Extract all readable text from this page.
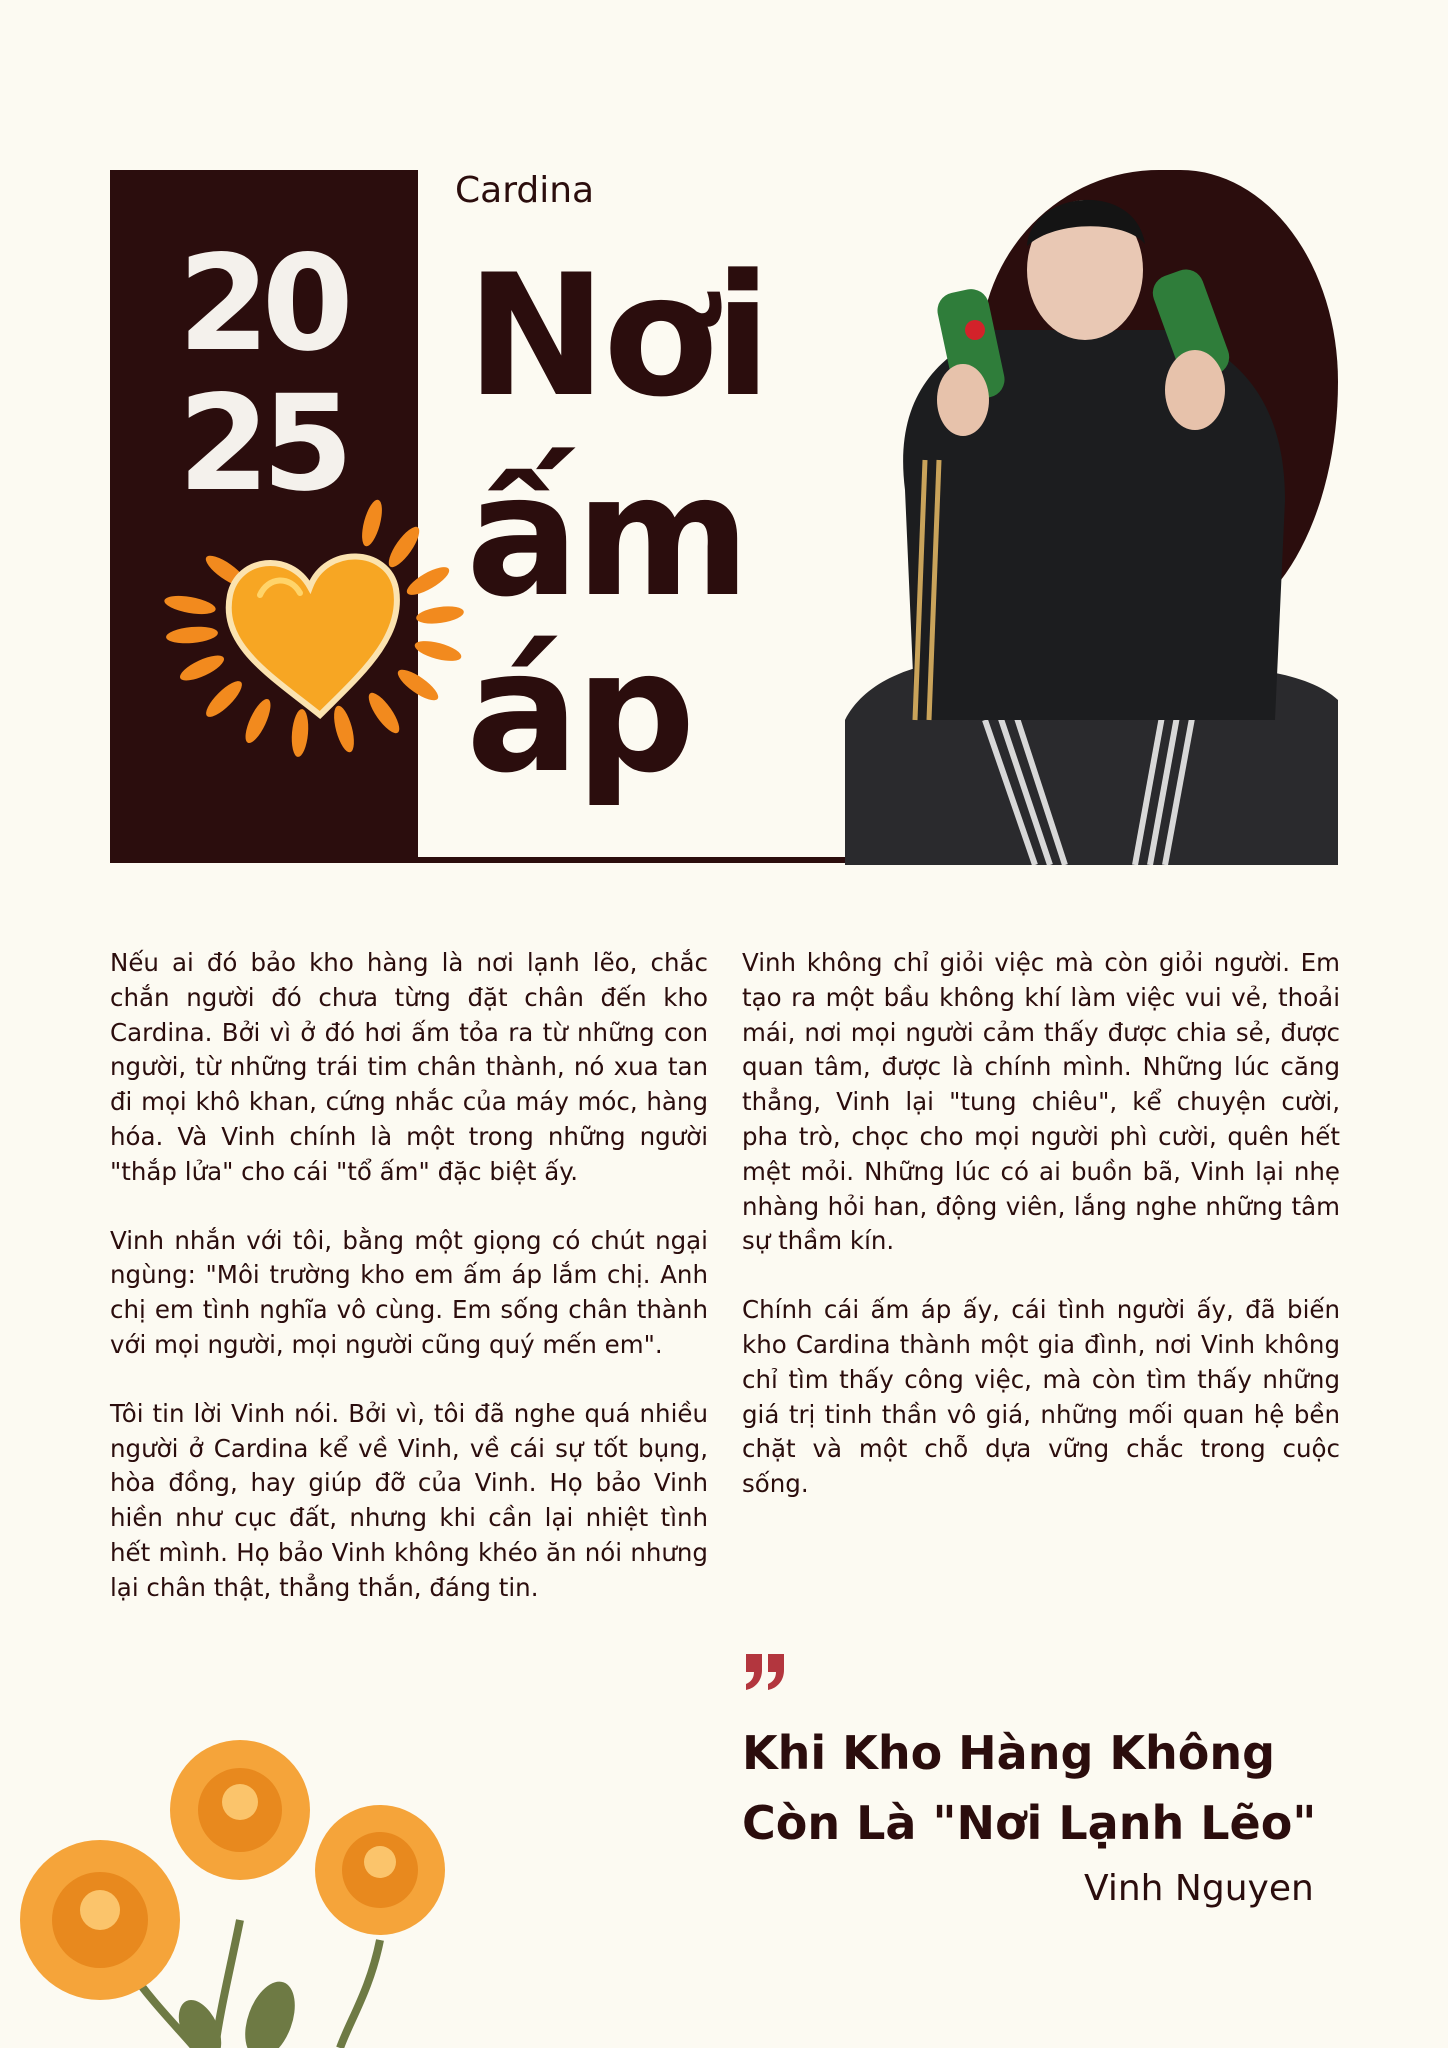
20
25
Cardina
Nơi
ấm
áp

Nếu ai đó bảo kho hàng là nơi lạnh lẽo, chắc chắn người đó chưa từng đặt chân đến kho Cardina. Bởi vì ở đó hơi ấm tỏa ra từ những con người, từ những trái tim chân thành, nó xua tan đi mọi khô khan, cứng nhắc của máy móc, hàng hóa. Và Vinh chính là một trong những người "thắp lửa" cho cái "tổ ấm" đặc biệt ấy.

Vinh nhắn với tôi, bằng một giọng có chút ngại ngùng: "Môi trường kho em ấm áp lắm chị. Anh chị em tình nghĩa vô cùng. Em sống chân thành với mọi người, mọi người cũng quý mến em".

Tôi tin lời Vinh nói. Bởi vì, tôi đã nghe quá nhiều người ở Cardina kể về Vinh, về cái sự tốt bụng, hòa đồng, hay giúp đỡ của Vinh. Họ bảo Vinh hiền như cục đất, nhưng khi cần lại nhiệt tình hết mình. Họ bảo Vinh không khéo ăn nói nhưng lại chân thật, thẳng thắn, đáng tin.

Vinh không chỉ giỏi việc mà còn giỏi người. Em tạo ra một bầu không khí làm việc vui vẻ, thoải mái, nơi mọi người cảm thấy được chia sẻ, được quan tâm, được là chính mình. Những lúc căng thẳng, Vinh lại "tung chiêu", kể chuyện cười, pha trò, chọc cho mọi người phì cười, quên hết mệt mỏi. Những lúc có ai buồn bã, Vinh lại nhẹ nhàng hỏi han, động viên, lắng nghe những tâm sự thầm kín.

Chính cái ấm áp ấy, cái tình người ấy, đã biến kho Cardina thành một gia đình, nơi Vinh không chỉ tìm thấy công việc, mà còn tìm thấy những giá trị tinh thần vô giá, những mối quan hệ bền chặt và một chỗ dựa vững chắc trong cuộc sống.

Khi Kho Hàng Không
Còn Là "Nơi Lạnh Lẽo"
Vinh Nguyen
